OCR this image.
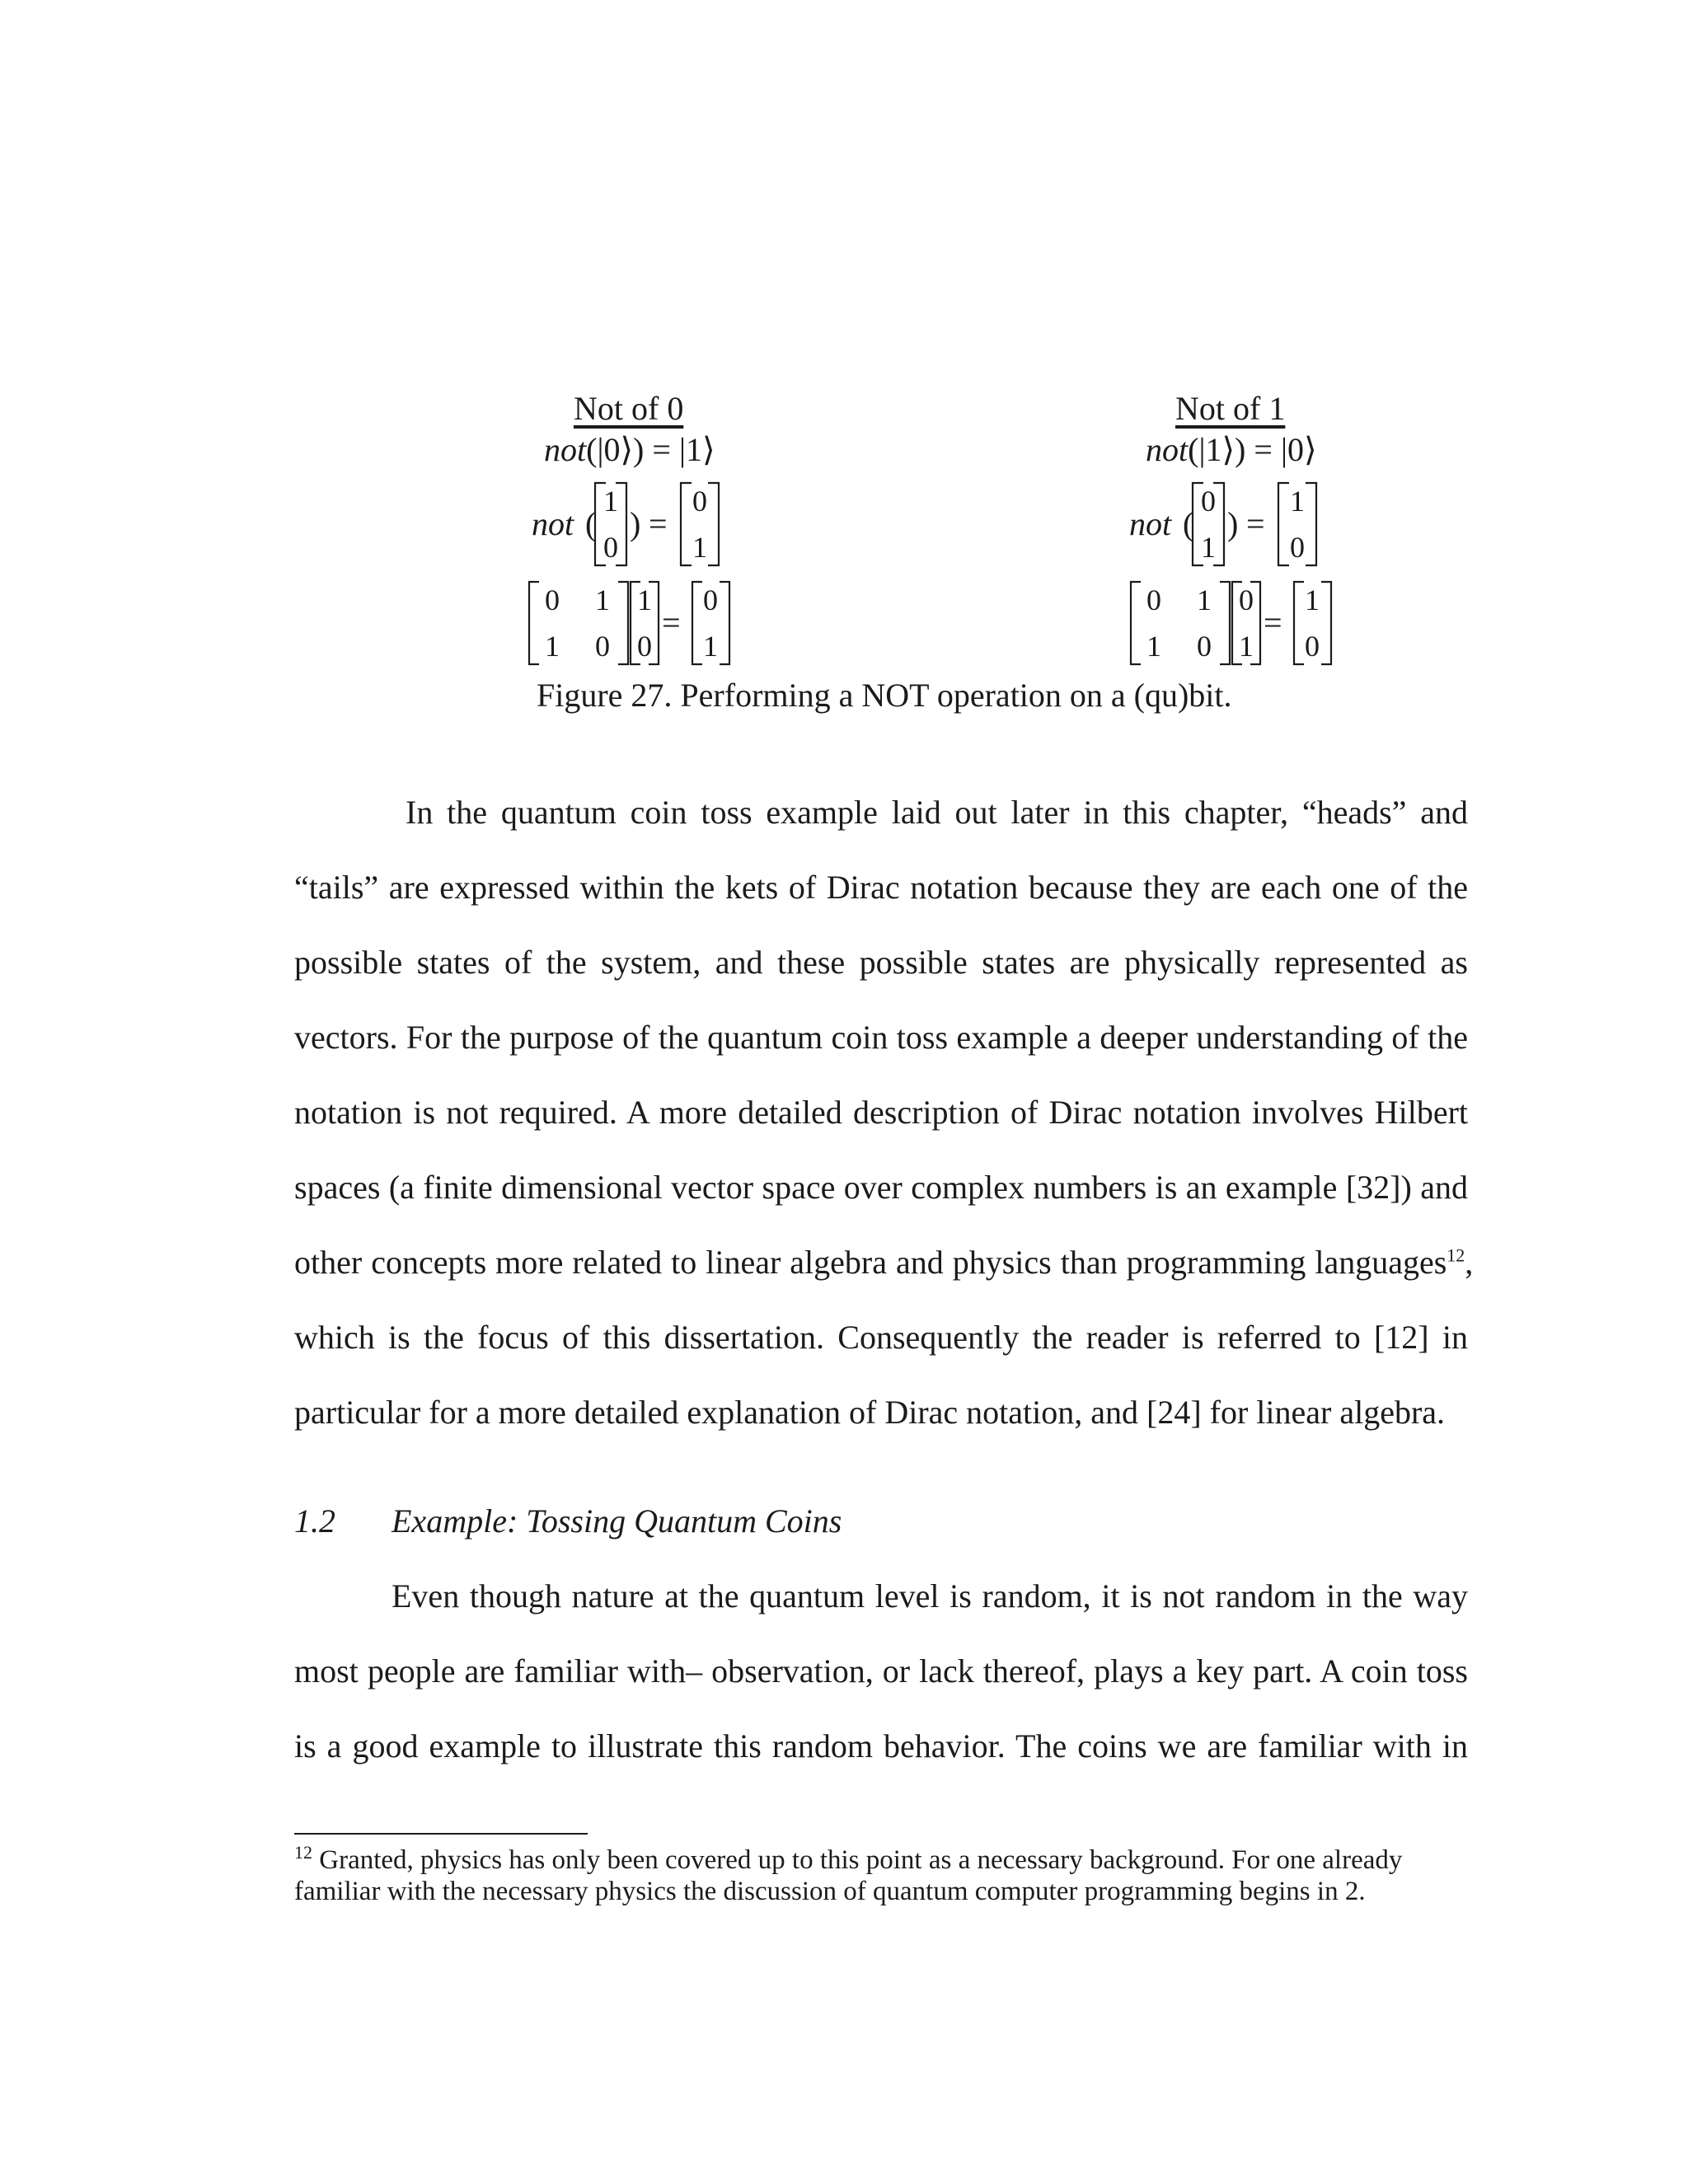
Not of 0
not(|0⟩) = |1⟩
not (
1
0
) =
0
1
0 1
1 0
1
0
=
0
1
Not of 1
not(|1⟩) = |0⟩
not (
0
1
) =
1
0
0 1
1 0
0
1
=
1
0
Figure 27. Performing a NOT operation on a (qu)bit.
In the quantum coin toss example laid out later in this chapter, “heads” and
“tails” are expressed within the kets of Dirac notation because they are each one of the
possible states of the system, and these possible states are physically represented as
vectors. For the purpose of the quantum coin toss example a deeper understanding of the
notation is not required. A more detailed description of Dirac notation involves Hilbert
spaces (a finite dimensional vector space over complex numbers is an example [32]) and
other concepts more related to linear algebra and physics than programming languages$^{12}$,
which is the focus of this dissertation. Consequently the reader is referred to [12] in
particular for a more detailed explanation of Dirac notation, and [24] for linear algebra.
1.2 Example: Tossing Quantum Coins
Even though nature at the quantum level is random, it is not random in the way
most people are familiar with– observation, or lack thereof, plays a key part. A coin toss
is a good example to illustrate this random behavior. The coins we are familiar with in
$^{12}$ Granted, physics has only been covered up to this point as a necessary background. For one already
familiar with the necessary physics the discussion of quantum computer programming begins in 2.
